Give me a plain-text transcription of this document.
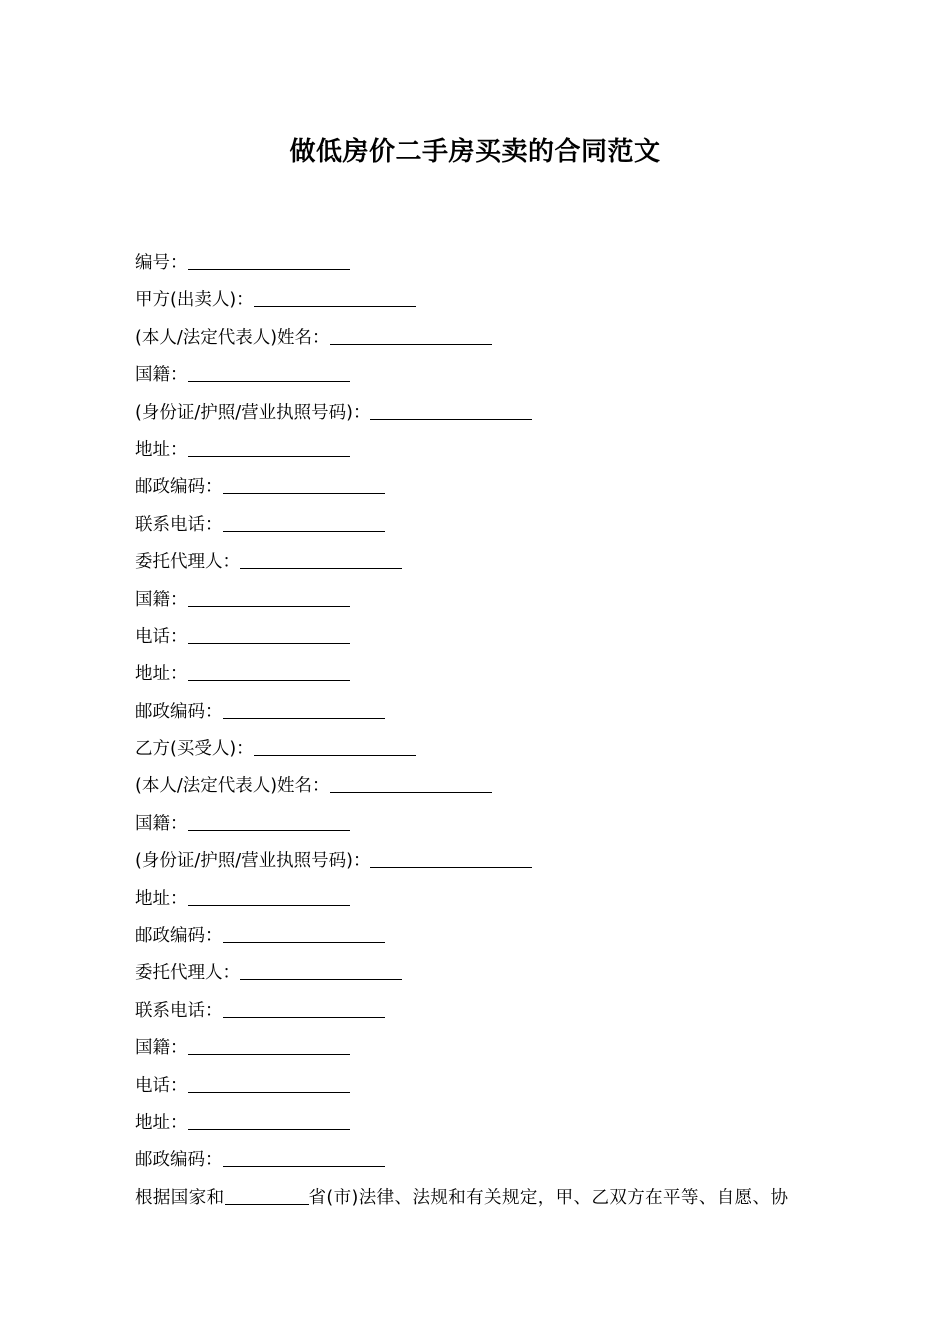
做低房价二手房买卖的合同范文
编号：
甲方(出卖人)：
(本人/法定代表人)姓名：
国籍：
(身份证/护照/营业执照号码)：
地址：
邮政编码：
联系电话：
委托代理人：
国籍：
电话：
地址：
邮政编码：
乙方(买受人)：
(本人/法定代表人)姓名：
国籍：
(身份证/护照/营业执照号码)：
地址：
邮政编码：
委托代理人：
联系电话：
国籍：
电话：
地址：
邮政编码：
根据国家和	省(市)法律、法规和有关规定，甲、乙双方在平等、自愿、协
